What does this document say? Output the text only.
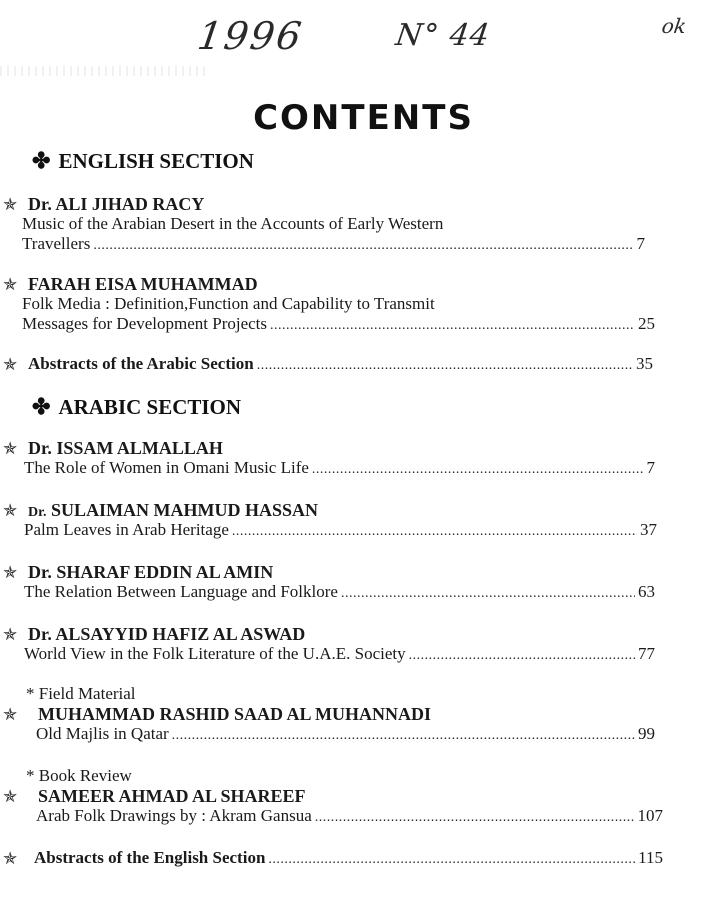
1996	N° 44	ok
CONTENTS
✤ ENGLISH SECTION
✯ Dr. ALI JIHAD RACY
Music of the Arabian Desert in the Accounts of Early Western
Travellers .....	7
✯ FARAH EISA MUHAMMAD
Folk Media : Definition,Function and Capability to Transmit
Messages for Development Projects .....	25
✯ Abstracts of the Arabic Section .....	35
✤ ARABIC SECTION
✯ Dr. ISSAM ALMALLAH
The Role of Women in Omani Music Life .....	7
✯ Dr. SULAIMAN MAHMUD HASSAN
Palm Leaves in Arab Heritage .....	37
✯ Dr. SHARAF EDDIN AL AMIN
The Relation Between Language and Folklore .....	63
✯ Dr. ALSAYYID HAFIZ AL ASWAD
World View in the Folk Literature of the U.A.E. Society .....	77
* Field Material
✯ MUHAMMAD RASHID SAAD AL MUHANNADI
Old Majlis in Qatar .....	99
* Book Review
✯ SAMEER AHMAD AL SHAREEF
Arab Folk Drawings by : Akram Gansua .....	107
✯ Abstracts of the English Section .....	115
